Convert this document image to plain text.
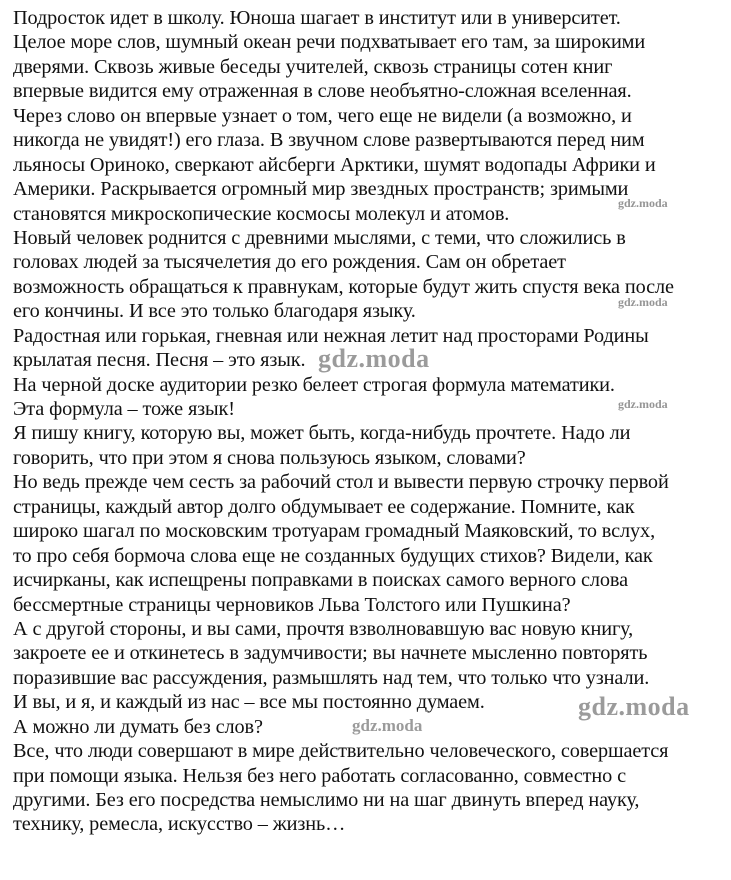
Подросток идет в школу. Юноша шагает в институт или в университет.
Целое море слов, шумный океан речи подхватывает его там, за широкими
дверями. Сквозь живые беседы учителей, сквозь страницы сотен книг
впервые видится ему отраженная в слове необъятно-сложная вселенная.
Через слово он впервые узнает о том, чего еще не видели (а возможно, и
никогда не увидят!) его глаза. В звучном слове развертываются перед ним
льяносы Ориноко, сверкают айсберги Арктики, шумят водопады Африки и
Америки. Раскрывается огромный мир звездных пространств; зримыми
становятся микроскопические космосы молекул и атомов.
Новый человек роднится с древними мыслями, с теми, что сложились в
головах людей за тысячелетия до его рождения. Сам он обретает
возможность обращаться к правнукам, которые будут жить спустя века после
его кончины. И все это только благодаря языку.
Радостная или горькая, гневная или нежная летит над просторами Родины
крылатая песня. Песня – это язык.
На черной доске аудитории резко белеет строгая формула математики.
Эта формула – тоже язык!
Я пишу книгу, которую вы, может быть, когда-нибудь прочтете. Надо ли
говорить, что при этом я снова пользуюсь языком, словами?
Но ведь прежде чем сесть за рабочий стол и вывести первую строчку первой
страницы, каждый автор долго обдумывает ее содержание. Помните, как
широко шагал по московским тротуарам громадный Маяковский, то вслух,
то про себя бормоча слова еще не созданных будущих стихов? Видели, как
исчирканы, как испещрены поправками в поисках самого верного слова
бессмертные страницы черновиков Льва Толстого или Пушкина?
А с другой стороны, и вы сами, прочтя взволновавшую вас новую книгу,
закроете ее и откинетесь в задумчивости; вы начнете мысленно повторять
поразившие вас рассуждения, размышлять над тем, что только что узнали.
И вы, и я, и каждый из нас – все мы постоянно думаем.
А можно ли думать без слов?
Все, что люди совершают в мире действительно человеческого, совершается
при помощи языка. Нельзя без него работать согласованно, совместно с
другими. Без его посредства немыслимо ни на шаг двинуть вперед науку,
технику, ремесла, искусство – жизнь…
gdz.moda
gdz.moda
gdz.moda
gdz.moda
gdz.moda
gdz.moda
